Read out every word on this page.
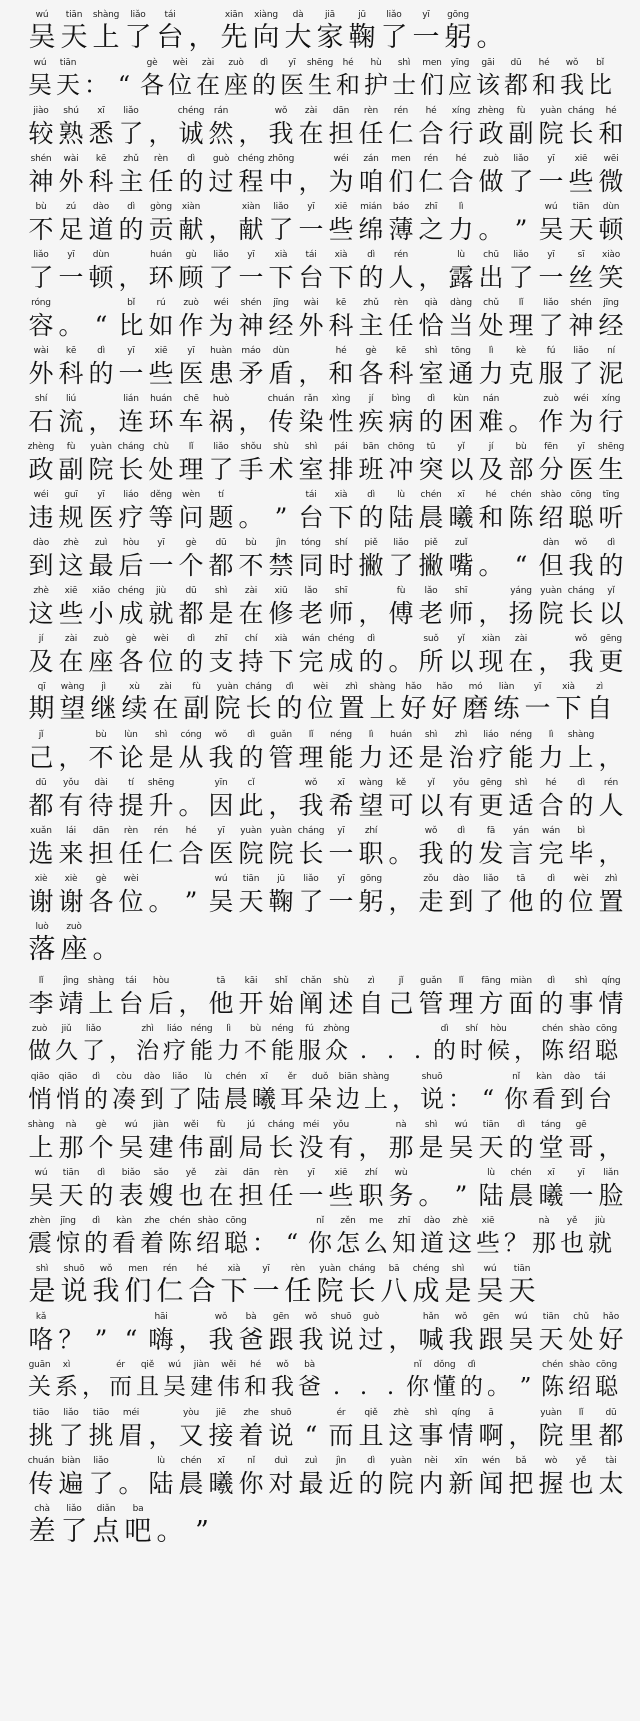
wú
吴
tiān
天
shàng
上
liǎo
了
tái
台 ，
xiān
先
xiàng
向
dà
大
jiā
家
jū
鞠
liǎo
了
yī
一
gōng
躬 。
wú
吴
tiān
天 ： “
gè
各
wèi
位
zài
在
zuò
座
dì
的
yī
医
shēng
生
hé
和
hù
护
shì
士
men
们
yīng
应
gāi
该
dū
都
hé
和
wǒ
我
bǐ
比
jiào
较
shú
熟
xī
悉
liǎo
了 ，
chéng
诚
rán
然 ，
wǒ
我
zài
在
dān
担
rèn
任
rén
仁
hé
合
xíng
行
zhèng
政
fù
副
yuàn
院
cháng
长
hé
和
shén
神
wài
外
kē
科
zhǔ
主
rèn
任
dì
的
guò
过
chéng
程
zhōng
中 ，
wéi
为
zán
咱
men
们
rén
仁
hé
合
zuò
做
liǎo
了
yī
一
xiē
些
wēi
微
bù
不
zú
足
dào
道
dì
的
gòng
贡
xiàn
献 ，
xiàn
献
liǎo
了
yī
一
xiē
些
mián
绵
báo
薄
zhī
之
lì
力 。 ”
wú
吴
tiān
天
dùn
顿
liǎo
了
yī
一
dùn
顿 ，
huán
环
gù
顾
liǎo
了
yī
一
xià
下
tái
台
xià
下
dì
的
rén
人 ，
lù
露
chū
出
liǎo
了
yī
一
sī
丝
xiào
笑
róng
容 。 “
bǐ
比
rú
如
zuò
作
wéi
为
shén
神
jīng
经
wài
外
kē
科
zhǔ
主
rèn
任
qià
恰
dàng
当
chǔ
处
lǐ
理
liǎo
了
shén
神
jīng
经
wài
外
kē
科
dì
的
yī
一
xiē
些
yī
医
huàn
患
máo
矛
dùn
盾 ，
hé
和
gè
各
kē
科
shì
室
tōng
通
lì
力
kè
克
fú
服
liǎo
了
ní
泥
shí
石
liú
流 ，
lián
连
huán
环
chē
车
huò
祸 ，
chuán
传
rǎn
染
xìng
性
jí
疾
bìng
病
dì
的
kùn
困
nán
难 。
zuò
作
wéi
为
xíng
行
zhèng
政
fù
副
yuàn
院
cháng
长
chù
处
lǐ
理
liǎo
了
shǒu
手
shù
术
shì
室
pái
排
bān
班
chōng
冲
tū
突
yǐ
以
jí
及
bù
部
fēn
分
yī
医
shēng
生
wéi
违
guī
规
yī
医
liáo
疗
děng
等
wèn
问
tí
题 。 ”
tái
台
xià
下
dì
的
lù
陆
chén
晨
xī
曦
hé
和
chén
陈
shào
绍
cōng
聪
tīng
听
dào
到
zhè
这
zuì
最
hòu
后
yī
一
gè
个
dū
都
bù
不
jìn
禁
tóng
同
shí
时
piě
撇
liǎo
了
piě
撇
zuǐ
嘴 。 “
dàn
但
wǒ
我
dì
的
zhè
这
xiē
些
xiǎo
小
chéng
成
jiù
就
dū
都
shì
是
zài
在
xiū
修
lǎo
老
shī
师 ，
fù
傅
lǎo
老
shī
师 ，
yáng
扬
yuàn
院
cháng
长
yǐ
以
jí
及
zài
在
zuò
座
gè
各
wèi
位
dì
的
zhī
支
chí
持
xià
下
wán
完
chéng
成
dì
的 。
suǒ
所
yǐ
以
xiàn
现
zài
在 ，
wǒ
我
gēng
更
qī
期
wàng
望
jì
继
xù
续
zài
在
fù
副
yuàn
院
cháng
长
dì
的
wèi
位
zhì
置
shàng
上
hǎo
好
hǎo
好
mó
磨
liàn
练
yī
一
xià
下
zì
自
jǐ
己 ，
bù
不
lùn
论
shì
是
cóng
从
wǒ
我
dì
的
guǎn
管
lǐ
理
néng
能
lì
力
huán
还
shì
是
zhì
治
liáo
疗
néng
能
lì
力
shàng
上 ，
dū
都
yǒu
有
dài
待
tí
提
shēng
升 。
yīn
因
cǐ
此 ，
wǒ
我
xī
希
wàng
望
kě
可
yǐ
以
yǒu
有
gēng
更
shì
适
hé
合
dì
的
rén
人
xuǎn
选
lái
来
dān
担
rèn
任
rén
仁
hé
合
yī
医
yuàn
院
yuàn
院
cháng
长
yī
一
zhí
职 。
wǒ
我
dì
的
fā
发
yán
言
wán
完
bì
毕 ，
xiè
谢
xiè
谢
gè
各
wèi
位 。 ”
wú
吴
tiān
天
jū
鞠
liǎo
了
yī
一
gōng
躬 ，
zǒu
走
dào
到
liǎo
了
tā
他
dì
的
wèi
位
zhì
置
luò
落
zuò
座 。
lǐ
李
jìng
靖
shàng
上
tái
台
hòu
后 ，
tā
他
kāi
开
shǐ
始
chǎn
阐
shù
述
zì
自
jǐ
己
guǎn
管
lǐ
理
fāng
方
miàn
面
dì
的
shì
事
qíng
情
zuò
做
jiǔ
久
liǎo
了 ，
zhì
治
liáo
疗
néng
能
lì
力
bù
不
néng
能
fú
服
zhòng
众 . . .
dì
的
shí
时
hòu
候 ，
chén
陈
shào
绍
cōng
聪
qiāo
悄
qiāo
悄
dì
的
còu
凑
dào
到
liǎo
了
lù
陆
chén
晨
xī
曦
ěr
耳
duǒ
朵
biān
边
shàng
上 ，
shuō
说 ： “
nǐ
你
kàn
看
dào
到
tái
台
shàng
上
nà
那
gè
个
wú
吴
jiàn
建
wěi
伟
fù
副
jú
局
cháng
长
méi
没
yǒu
有 ，
nà
那
shì
是
wú
吴
tiān
天
dì
的
táng
堂
gē
哥 ，
wú
吴
tiān
天
dì
的
biǎo
表
sǎo
嫂
yě
也
zài
在
dān
担
rèn
任
yī
一
xiē
些
zhí
职
wù
务 。 ”
lù
陆
chén
晨
xī
曦
yī
一
liǎn
脸
zhèn
震
jīng
惊
dì
的
kàn
看
zhe
着
chén
陈
shào
绍
cōng
聪 ： “
nǐ
你
zěn
怎
me
么
zhī
知
dào
道
zhè
这
xiē
些 ？
nà
那
yě
也
jiù
就
shì
是
shuō
说
wǒ
我
men
们
rén
仁
hé
合
xià
下
yī
一
rèn
任
yuàn
院
cháng
长
bā
八
chéng
成
shì
是
wú
吴
tiān
天
kǎ
咯 ？ ” “
hāi
嗨 ，
wǒ
我
bà
爸
gēn
跟
wǒ
我
shuō
说
guò
过 ，
hǎn
喊
wǒ
我
gēn
跟
wú
吴
tiān
天
chǔ
处
hǎo
好
guān
关
xì
系 ，
ér
而
qiě
且
wú
吴
jiàn
建
wěi
伟
hé
和
wǒ
我
bà
爸 . . .
nǐ
你
dǒng
懂
dì
的 。 ”
chén
陈
shào
绍
cōng
聪
tiāo
挑
liǎo
了
tiāo
挑
méi
眉 ，
yòu
又
jiē
接
zhe
着
shuō
说 “
ér
而
qiě
且
zhè
这
shì
事
qíng
情
ā
啊 ，
yuàn
院
lǐ
里
dū
都
chuán
传
biàn
遍
liǎo
了 。
lù
陆
chén
晨
xī
曦
nǐ
你
duì
对
zuì
最
jìn
近
dì
的
yuàn
院
nèi
内
xīn
新
wén
闻
bǎ
把
wò
握
yě
也
tài
太
chà
差
liǎo
了
diǎn
点
ba
吧 。 ”
